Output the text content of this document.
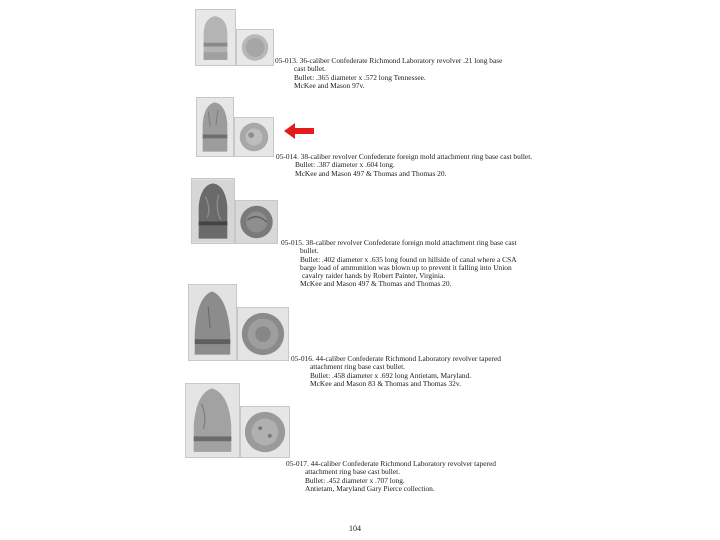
05-013. 36-caliber Confederate Richmond Laboratory revolver .21 long base
cast bullet.
Bullet: .365 diameter x .572 long Tennessee.
McKee and Mason 97v.
05-014. 38-caliber revolver Confederate foreign mold attachment ring base cast bullet.
Bullet: .387 diameter x .604 long.
McKee and Mason 497 & Thomas and Thomas 20.
05-015. 38-caliber revolver Confederate foreign mold attachment ring base cast
bullet.
Bullet: .402 diameter x .635 long found on hillside of canal where a CSA
barge load of ammunition was blown up to prevent it falling into Union
cavalry raider hands by Robert Painter, Virginia.
McKee and Mason 497 & Thomas and Thomas 20.
05-016. 44-caliber Confederate Richmond Laboratory revolver tapered
attachment ring base cast bullet.
Bullet: .458 diameter x .692 long Antietam, Maryland.
McKee and Mason 83 & Thomas and Thomas 32v.
05-017. 44-caliber Confederate Richmond Laboratory revolver tapered
attachment ring base cast bullet.
Bullet: .452 diameter x .707 long.
Antietam, Maryland Gary Pierce collection.
104
